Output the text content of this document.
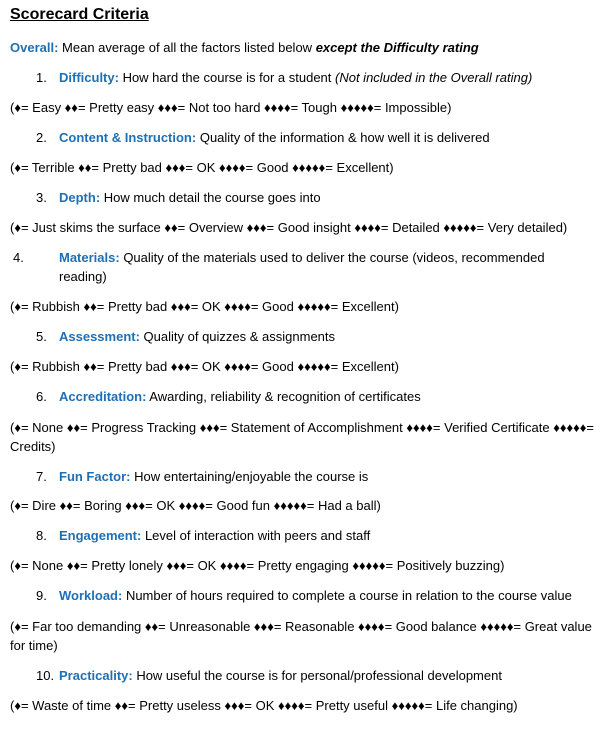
Scorecard Criteria
Overall: Mean average of all the factors listed below except the Difficulty rating
1. Difficulty: How hard the course is for a student (Not included in the Overall rating)
(♦= Easy ♦♦= Pretty easy ♦♦♦= Not too hard ♦♦♦♦= Tough ♦♦♦♦♦= Impossible)
2. Content & Instruction: Quality of the information & how well it is delivered
(♦= Terrible ♦♦= Pretty bad ♦♦♦= OK ♦♦♦♦= Good ♦♦♦♦♦= Excellent)
3. Depth: How much detail the course goes into
(♦= Just skims the surface ♦♦= Overview ♦♦♦= Good insight ♦♦♦♦= Detailed ♦♦♦♦♦= Very detailed)
4.	Materials: Quality of the materials used to deliver the course (videos, recommended reading)
(♦= Rubbish ♦♦= Pretty bad ♦♦♦= OK ♦♦♦♦= Good ♦♦♦♦♦= Excellent)
5. Assessment: Quality of quizzes & assignments
(♦= Rubbish ♦♦= Pretty bad ♦♦♦= OK ♦♦♦♦= Good ♦♦♦♦♦= Excellent)
6. Accreditation: Awarding, reliability & recognition of certificates
(♦= None ♦♦= Progress Tracking ♦♦♦= Statement of Accomplishment ♦♦♦♦= Verified Certificate ♦♦♦♦♦= Credits)
7. Fun Factor: How entertaining/enjoyable the course is
(♦= Dire ♦♦= Boring ♦♦♦= OK ♦♦♦♦= Good fun ♦♦♦♦♦= Had a ball)
8. Engagement: Level of interaction with peers and staff
(♦= None ♦♦= Pretty lonely ♦♦♦= OK ♦♦♦♦= Pretty engaging ♦♦♦♦♦= Positively buzzing)
9. Workload: Number of hours required to complete a course in relation to the course value
(♦= Far too demanding ♦♦= Unreasonable ♦♦♦= Reasonable ♦♦♦♦= Good balance ♦♦♦♦♦= Great value for time)
10. Practicality: How useful the course is for personal/professional development
(♦= Waste of time ♦♦= Pretty useless ♦♦♦= OK ♦♦♦♦= Pretty useful ♦♦♦♦♦= Life changing)
